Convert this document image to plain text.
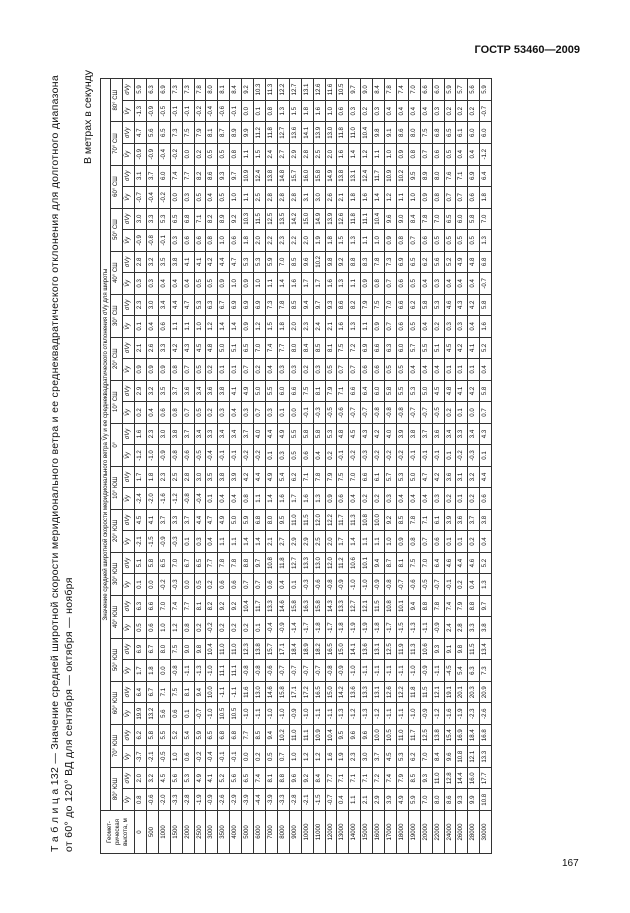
ГОСТР 53460—2009
Т а б л и ц а 132 — Значение средней широтной скорости меридионального ветра и ее среднеквадратического отклонения для долготного диапазона от 60° до 120° ВД для сентября — октября — ноября
В метрах в секунду
Геомет-рическая высота, м	Значение средней широтной скорости меридионального ветра V̄y и ее среднеквадратического отклонения σVy для широты																																	
	80° ЮШ		70° ЮШ		60° ЮШ		50° ЮШ		40° ЮШ		30° ЮШ		20° ЮШ		10° ЮШ		0°		10° СШ		20° СШ		30° СШ		40° СШ		50° СШ		60° СШ		70° СШ		80° СШ	
	V̄y	σVy	V̄y	σVy	V̄y	σVy	V̄y	σVy	V̄y	σVy	V̄y	σVy	V̄y	σVy	V̄y	σVy	V̄y	σVy	V̄y	σVy	V̄y	σVy	V̄y	σVy	V̄y	σVy	V̄y	σVy	V̄y	σVy	V̄y	σVy	V̄y	σVy
0	0.8	2.0	-3.7	6.2	19.9	6.4	1.7	6.9	0.5	6.3	0.1	5.1	-2.1	4.5	-2.4	1.7	-1.2	1.6	0.2	2.9	0.9	2.1	0.1	2.3	0.3	2.8	-0.9	3.0	-0.7	3.1	-0.9	4.7	-1.3	5.9
500	-0.6	3.2	-2.1	5.8	13.2	6.7	1.8	6.7	0.6	6.6	0.0	5.8	-1.5	4.1	-2.0	1.8	-1.0	2.3	0.4	3.2	0.9	2.6	0.4	3.0	0.3	3.2	-0.8	3.3	-0.4	3.7	-0.9	5.6	-0.9	6.3
1000	-2.0	4.5	-0.5	5.5	5.6	7.1	0.0	8.0	1.0	7.0	-0.2	6.5	-0.9	3.7	-1.6	2.3	-0.9	3.0	0.6	3.5	0.9	3.3	0.6	3.4	0.4	3.5	-0.1	5.3	-0.2	6.0	-0.4	6.5	-0.5	6.9
1500	-3.3	5.6	1.0	5.2	0.6	7.5	-0.8	7.5	1.2	7.4	-0.3	7.0	-0.3	3.3	-1.2	2.5	-0.8	3.8	0.8	3.7	0.8	4.2	1.1	4.4	0.4	3.8	0.3	6.5	0.0	7.4	-0.2	7.3	-0.1	7.3
2000	-2.8	5.3	0.6	5.4	0.1	8.1	-1.1	9.0	0.8	7.7	0.0	6.7	0.1	3.7	-0.8	2.8	-0.6	3.7	0.7	3.6	0.7	4.3	1.1	4.7	0.4	4.1	0.6	6.8	0.3	7.7	0.0	7.5	-0.1	7.3
2500	-1.9	4.9	-0.2	5.9	-0.7	9.4	-1.3	9.8	0.2	8.1	0.5	6.5	0.3	4.4	-0.4	3.0	-0.5	3.4	0.5	3.4	0.5	4.5	1.0	5.3	0.5	4.1	0.6	7.1	0.5	8.2	0.2	7.9	-0.2	7.8
3000	-0.9	4.1	-0.4	6.5	-1.0	10.0	-1.0	10.4	-0.2	8.2	0.2	7.7	0.4	4.7	0.1	3.5	-0.4	3.3	0.2	3.6	0.2	4.8	1.2	6.3	0.5	4.2	0.8	8.2	0.4	8.6	0.5	8.1	-0.4	8.0
3500	-2.6	5.2	-0.1	6.8	10.5	-1.1	11.1	11.0	0.2	9.2	0.6	7.8	1.1	4.9	0.4	3.8	-0.1	3.4	0.3	3.8	0.1	5.0	1.4	6.7	0.9	4.4	1.0	8.9	0.5	9.3	0.5	8.7	-0.6	8.1
4000	-2.9	5.6	-0.1	6.8	10.5	-1.1	11.1	11.0	0.2	9.2	0.6	7.8	1.1	5.0	0.4	3.9	-0.1	3.4	0.4	4.1	0.1	5.1	1.4	6.9	1.0	4.7	0.6	9.2	1.0	9.7	0.8	8.9	-0.1	8.4
5000	-3.9	6.5	0.0	7.7	-1.0	11.6	-0.8	12.3	0.2	10.4	0.7	8.8	1.4	5.9	0.8	4.2	-0.2	3.7	0.3	4.9	0.7	6.5	0.9	6.9	0.9	5.3	1.8	10.3	1.1	10.9	1.1	9.9	0.0	9.2
6000	-4.4	7.4	0.2	8.5	-1.1	13.0	-0.8	13.8	0.1	11.7	0.7	9.7	1.4	6.8	1.1	4.4	-0.2	4.0	0.7	5.0	0.2	7.0	1.2	6.9	1.0	5.3	2.0	11.5	2.5	12.4	1.5	11.2	0.1	10.3
7000	-3.9	8.1	0.5	9.4	-1.0	14.6	-0.6	15.7	-0.4	13.3	0.6	10.8	2.1	8.0	1.4	4.9	0.1	4.4	0.3	5.5	0.4	7.4	1.5	7.3	1.1	5.9	2.2	12.5	2.8	13.8	2.4	11.8	0.8	11.3
8000	-3.3	8.8	0.7	10.2	-1.0	15.8	-0.7	17.1	-0.9	14.6	0.4	11.8	2.7	9.5	1.6	5.4	0.3	4.9	0.1	6.0	0.3	7.7	1.8	7.8	1.4	7.0	2.3	13.5	2.8	14.8	2.7	12.7	1.3	12.2
9000	-2.8	9.6	1.0	11.0	-0.9	17.1	-0.7	18.4	-1.4	15.8	0.1	12.7	2.9	11.0	1.7	6.2	0.5	5.5	0.0	6.6	0.3	8.0	2.0	8.5	1.6	8.5	2.2	14.2	2.8	15.7	2.9	13.6	1.5	12.7
10000	-2.1	9.2	1.2	11.1	-1.0	17.2	-0.7	18.9	-1.7	16.3	-0.3	13.3	2.9	11.5	1.6	7.1	0.6	5.8	-0.1	7.5	0.2	8.4	2.3	9.4	1.7	9.6	2.0	15.0	3.1	16.0	2.8	14.1	1.8	13.1
11000	-1.5	8.4	1.2	10.9	-1.1	16.5	-0.7	18.2	-1.8	15.8	-0.6	13.0	2.5	12.0	1.3	7.8	0.4	5.8	-0.3	8.1	0.3	8.5	2.4	9.7	1.7	10.2	1.9	14.9	3.0	15.8	2.5	13.9	1.6	12.6
12000	-0.7	7.7	1.6	10.4	-1.1	15.0	-0.8	16.5	-1.7	14.3	-0.8	12.0	2.0	12.2	0.9	7.9	0.2	5.3	-0.5	7.9	0.5	8.1	2.1	9.3	1.6	9.8	1.8	13.9	2.6	14.9	2.0	13.0	1.0	11.6
13000	0.4	7.1	1.9	9.5	-1.3	14.2	-0.9	15.0	-1.8	13.3	-0.9	11.2	1.7	11.7	0.6	7.5	-0.1	4.8	-0.6	7.1	0.7	7.5	1.6	8.6	1.3	9.2	1.5	12.6	2.1	13.8	1.6	11.8	0.6	10.5
14000	1.1	7.1	2.3	9.6	-1.2	13.6	-1.0	14.1	-1.9	12.7	-1.0	10.6	1.4	11.3	0.4	7.0	-0.2	4.5	-0.7	6.6	0.7	7.2	1.3	8.2	1.1	8.8	1.3	11.8	1.8	13.1	1.4	11.0	0.3	9.7
15000	2.1	7.1	3.0	9.6	-1.3	13.3	-1.1	13.6	-1.9	12.1	-1.0	10.1	1.1	10.8	0.2	6.6	-0.3	4.3	-0.7	6.4	0.6	6.9	1.1	7.9	0.9	8.3	1.1	11.1	1.6	12.4	1.2	10.4	0.2	9.0
16000	2.9	7.2	3.7	10.0	-1.2	13.1	-1.1	13.1	-1.8	11.5	-0.9	9.4	1.1	10.0	0.2	6.1	-0.2	4.2	-0.8	6.0	0.6	6.6	0.9	7.5	0.8	7.8	1.0	10.4	1.4	11.7	1.1	9.8	0.3	8.4
17000	3.9	7.4	4.5	10.5	-1.1	12.6	-1.1	12.5	-1.7	10.8	-0.8	8.7	1.0	9.2	0.3	5.7	-0.2	4.0	-0.8	5.8	0.5	6.3	0.7	7.0	0.7	7.3	0.9	9.6	1.2	10.9	1.0	9.1	0.4	7.8
18000	4.9	7.9	5.3	11.0	-1.1	12.2	-1.1	11.9	-1.5	10.1	-0.7	8.1	0.9	8.5	0.4	5.3	-0.2	3.9	-0.8	5.5	0.5	6.0	0.6	6.6	0.6	6.9	0.8	9.0	1.1	10.2	0.9	8.6	0.4	7.4
19000	5.9	8.5	6.2	11.7	-1.0	11.8	-1.0	11.3	-1.3	9.4	-0.6	7.5	0.8	7.8	0.4	5.0	-0.1	3.8	-0.7	5.3	0.4	5.7	0.5	6.2	0.5	6.5	0.7	8.4	1.0	9.5	0.8	8.0	0.4	7.0
20000	7.0	9.3	7.0	12.5	-0.9	11.5	-0.9	10.6	-1.1	8.8	-0.5	7.0	0.7	7.1	0.4	4.7	-0.1	3.7	-0.7	5.0	0.4	5.5	0.4	5.8	0.4	6.2	0.6	7.8	0.9	8.9	0.7	7.5	0.4	6.6
22000	8.0	11.0	8.4	13.8	-1.2	12.1	-1.1	9.3	-0.9	7.8	-0.7	6.4	0.6	6.1	0.3	4.2	-0.1	3.6	-0.5	4.5	0.4	5.1	0.2	5.3	0.3	5.6	0.5	7.0	0.8	8.0	0.6	6.8	0.3	6.0
24000	8.6	12.8	9.6	15.4	-1.6	19.1	-4.5	9.1	2.4	7.4	-0.1	4.6	0.1	3.9	0.2	3.6	0.1	3.4	0.2	4.8	0.1	4.5	0.3	4.6	0.4	5.2	0.5	6.5	0.7	7.6	0.5	6.5	0.2	5.9
26000	9.3	14.4	10.8	16.9	-1.9	20.1	5.4	9.8	2.8	7.9	0.2	4.4	0.1	3.6	0.1	3.1	-0.2	3.3	0.1	4.1	0.1	4.2	0.3	4.3	0.4	4.9	0.5	6.0	0.7	7.1	0.4	6.1	0.2	5.7
28000	9.9	16.0	12.1	18.4	-2.3	20.3	6.3	11.5	3.3	8.8	0.4	4.6	0.2	3.7	0.2	3.2	-0.3	3.4	0.0	4.2	0.1	4.1	0.4	4.2	0.4	4.8	0.5	5.8	0.6	6.9	0.4	6.0	0.2	5.6
30000	10.8	17.7	13.3	16.8	-2.6	20.9	7.3	13.4	3.8	9.7	1.3	5.2	0.4	3.8	0.6	4.4	0.1	4.3	0.7	5.8	0.4	5.2	1.6	5.8	-0.7	6.8	1.3	7.0	1.8	6.4	-1.2	6.0	-0.7	5.9
167
